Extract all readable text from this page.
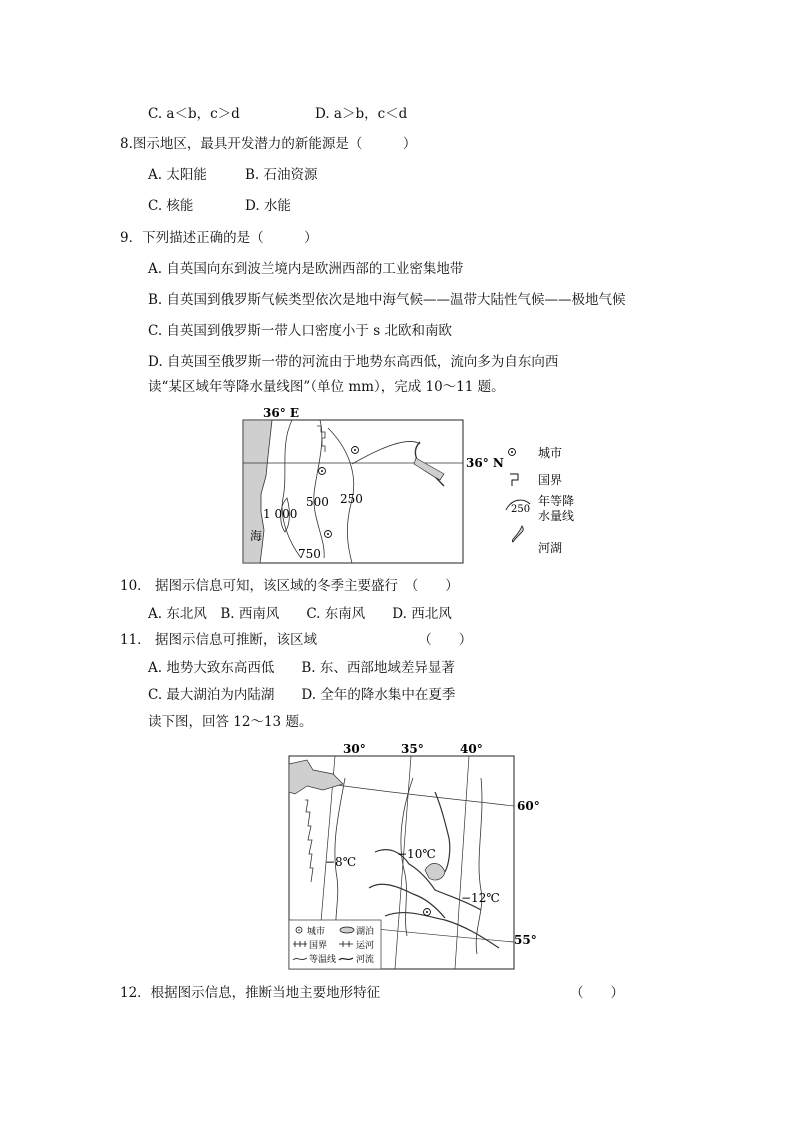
C. a＜b，c＞d	D. a＞b，c＜d
8.图示地区，最具开发潜力的新能源是（　　　）
A. 太阳能	B. 石油资源
C. 核能	D. 水能
9．下列描述正确的是（　　　）
A. 自英国向东到波兰境内是欧洲西部的工业密集地带
B. 自英国到俄罗斯气候类型依次是地中海气候——温带大陆性气候——极地气候
C. 自英国到俄罗斯一带人口密度小于 s 北欧和南欧
D. 自英国至俄罗斯一带的河流由于地势东高西低，流向多为自东向西
读“某区域年等降水量线图”（单位 mm），完成 10～11 题。
36° E
海
36° N
1 000
500 250
750
城市
国界
250
年等降
水量线
河湖
10． 据图示信息可知，该区域的冬季主要盛行　（　　）
A. 东北风　B. 西南风　　C. 东南风　　D. 西北风
11． 据图示信息可推断，该区域　　　　　　　　（　　）
A. 地势大致东高西低　　B. 东、西部地域差异显著
C. 最大湖泊为内陆湖　　D. 全年的降水集中在夏季
读下图，回答 12～13 题。
30°	35°	40°
60°
55°
−8℃
−10℃
−12℃
城市	湖泊
国界	运河
等温线 河流
12．根据图示信息，推断当地主要地形特征	（　　）
